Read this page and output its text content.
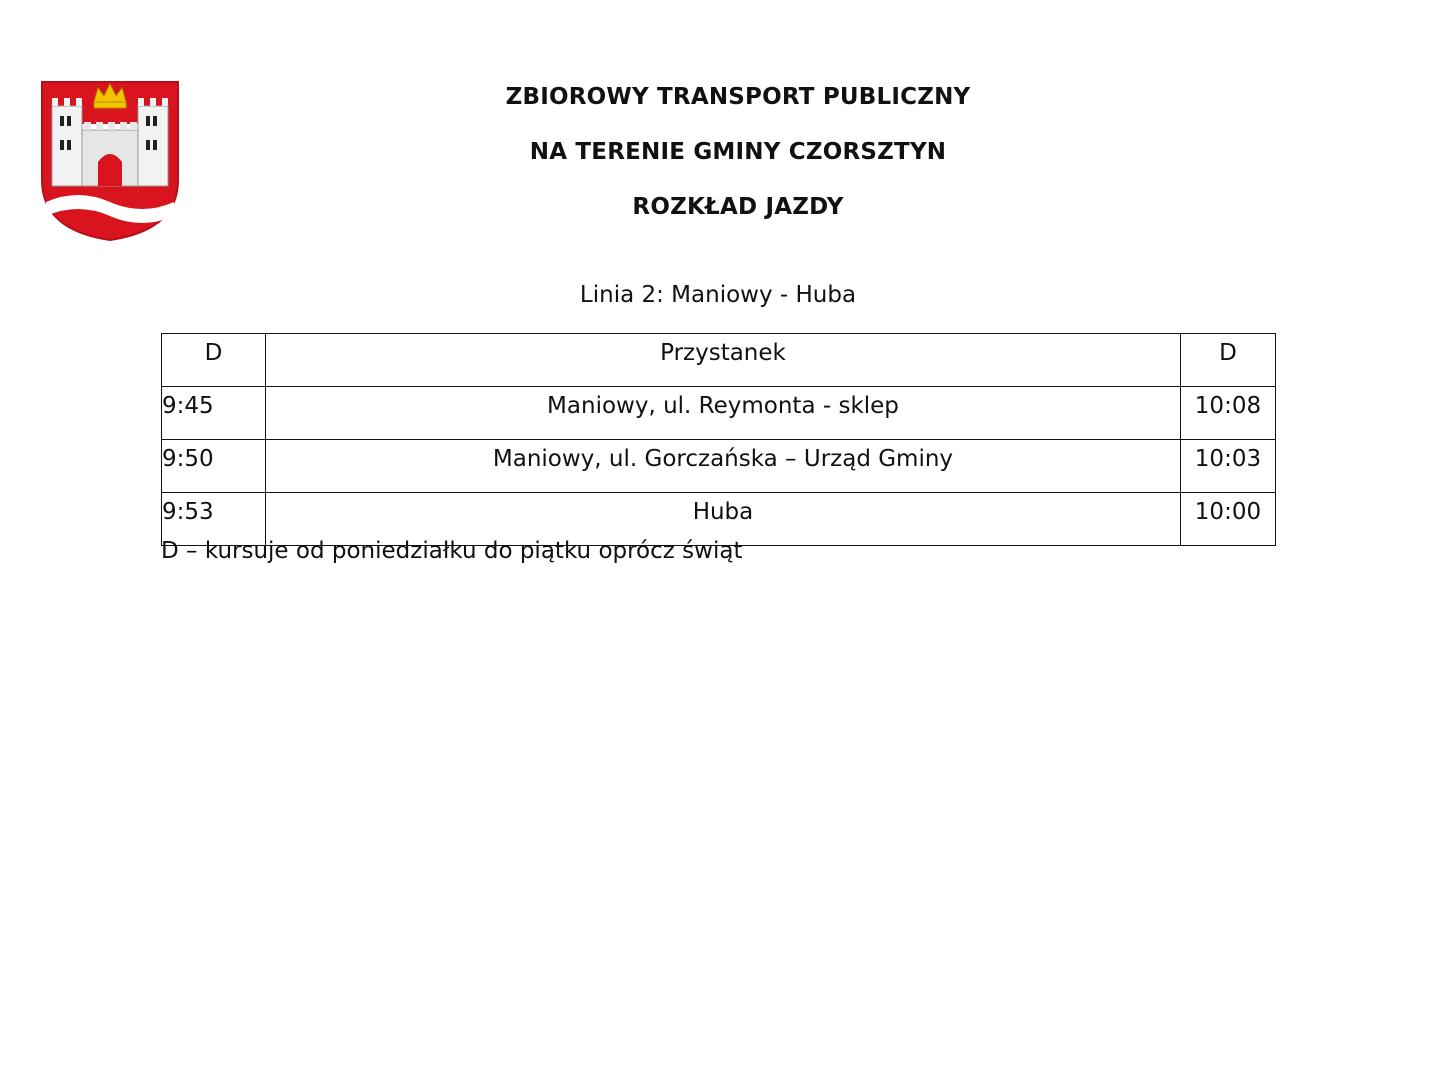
ZBIOROWY TRANSPORT PUBLICZNY
NA TERENIE GMINY CZORSZTYN
ROZKŁAD JAZDY
Linia 2: Maniowy - Huba
D	Przystanek	D
9:45	Maniowy, ul. Reymonta - sklep	10:08
9:50	Maniowy, ul. Gorczańska – Urząd Gminy	10:03
9:53	Huba	10:00
D – kursuje od poniedziałku do piątku oprócz świąt
